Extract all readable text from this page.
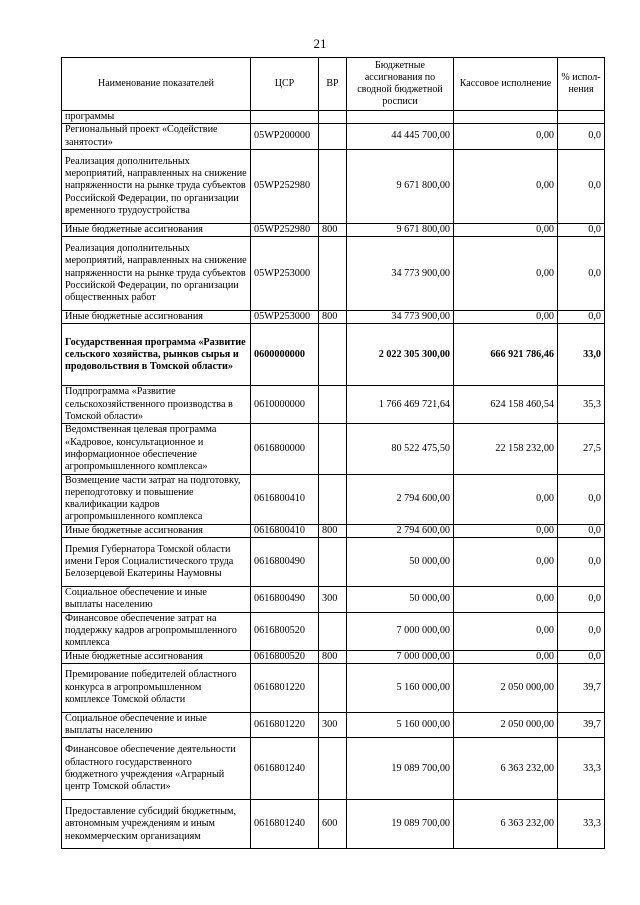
21
Наименование показателей	ЦСР	ВР	Бюджетные ассигнования по сводной бюджетной росписи	Кассовое исполнение	% испол-нения
программы					
Региональный проект «Содействие занятости»	05WP200000		44 445 700,00	0,00	0,0
Реализация дополнительных мероприятий, направленных на снижение напряженности на рынке труда субъектов Российской Федерации, по организации временного трудоустройства	05WP252980		9 671 800,00	0,00	0,0
Иные бюджетные ассигнования	05WP252980	800	9 671 800,00	0,00	0,0
Реализация дополнительных мероприятий, направленных на снижение напряженности на рынке труда субъектов Российской Федерации, по организации общественных работ	05WP253000		34 773 900,00	0,00	0,0
Иные бюджетные ассигнования	05WP253000	800	34 773 900,00	0,00	0,0
Государственная программа «Развитие сельского хозяйства, рынков сырья и продовольствия в Томской области»	0600000000		2 022 305 300,00	666 921 786,46	33,0
Подпрограмма «Развитие сельскохозяйственного производства в Томской области»	0610000000		1 766 469 721,64	624 158 460,54	35,3
Ведомственная целевая программа «Кадровое, консультационное и информационное обеспечение агропромышленного комплекса»	0616800000		80 522 475,50	22 158 232,00	27,5
Возмещение части затрат на подготовку, переподготовку и повышение квалификации кадров агропромышленного комплекса	0616800410		2 794 600,00	0,00	0,0
Иные бюджетные ассигнования	0616800410	800	2 794 600,00	0,00	0,0
Премия Губернатора Томской области имени Героя Социалистического труда Белозерцевой Екатерины Наумовны	0616800490		50 000,00	0,00	0,0
Социальное обеспечение и иные выплаты населению	0616800490	300	50 000,00	0,00	0,0
Финансовое обеспечение затрат на поддержку кадров агропромышленного комплекса	0616800520		7 000 000,00	0,00	0,0
Иные бюджетные ассигнования	0616800520	800	7 000 000,00	0,00	0,0
Премирование победителей областного конкурса в агропромышленном комплексе Томской области	0616801220		5 160 000,00	2 050 000,00	39,7
Социальное обеспечение и иные выплаты населению	0616801220	300	5 160 000,00	2 050 000,00	39,7
Финансовое обеспечение деятельности областного государственного бюджетного учреждения «Аграрный центр Томской области»	0616801240		19 089 700,00	6 363 232,00	33,3
Предоставление субсидий бюджетным, автономным учреждениям и иным некоммерческим организациям	0616801240	600	19 089 700,00	6 363 232,00	33,3
